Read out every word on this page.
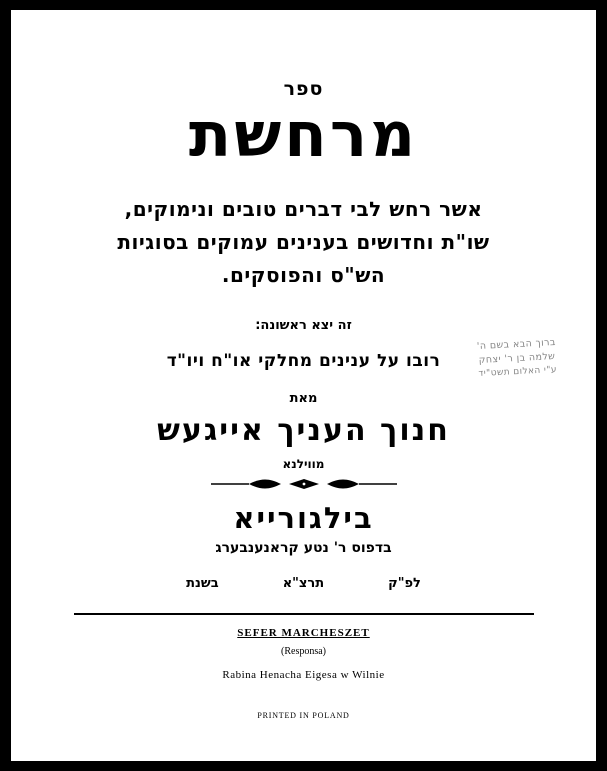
ספר
מרחשת
אשר רחש לבי דברים טובים ונימוקים,
שו"ת וחדושים בענינים עמוקים בסוגיות
הש"ס והפוסקים.
זה יצא ראשונה:
רובו על ענינים מחלקי או"ח ויו"ד
מאת
חנוך העניך אייגעש
מווילנא
בילגורייא
בדפוס ר' נטע קראנענבערג
בשנת	תרצ"א	לפ"ק
SEFER MARCHESZET
(Responsa)
Rabina Henacha Eigesa w Wilnie
PRINTED IN POLAND
ברוך הבא בשם ה'
שלמה בן ר' יצחק
ע"י האלום תשט"יד
